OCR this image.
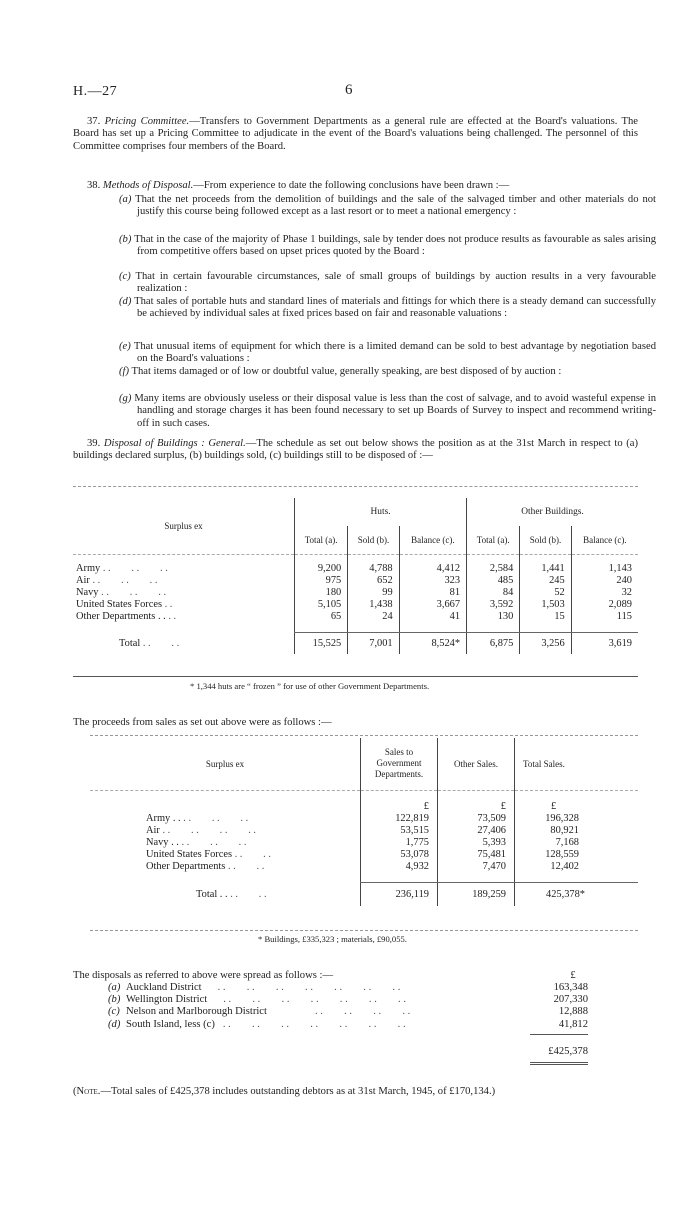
H.—27	6
37. Pricing Committee.—Transfers to Government Departments as a general rule are effected at the Board's valuations. The Board has set up a Pricing Committee to adjudicate in the event of the Board's valuations being challenged. The personnel of this Committee comprises four members of the Board.
38. Methods of Disposal.—From experience to date the following conclusions have been drawn :—
(a) That the net proceeds from the demolition of buildings and the sale of the salvaged timber and other materials do not justify this course being followed except as a last resort or to meet a national emergency :
(b) That in the case of the majority of Phase 1 buildings, sale by tender does not produce results as favourable as sales arising from competitive offers based on upset prices quoted by the Board :
(c) That in certain favourable circumstances, sale of small groups of buildings by auction results in a very favourable realization :
(d) That sales of portable huts and standard lines of materials and fittings for which there is a steady demand can successfully be achieved by individual sales at fixed prices based on fair and reasonable valuations :
(e) That unusual items of equipment for which there is a limited demand can be sold to best advantage by negotiation based on the Board's valuations :
(f) That items damaged or of low or doubtful value, generally speaking, are best disposed of by auction :
(g) Many items are obviously useless or their disposal value is less than the cost of salvage, and to avoid wasteful expense in handling and storage charges it has been found necessary to set up Boards of Survey to inspect and recommend writing-off in such cases.
39. Disposal of Buildings : General.—The schedule as set out below shows the position as at the 31st March in respect to (a) buildings declared surplus, (b) buildings sold, (c) buildings still to be disposed of :—
Surplus ex	Huts.			Other Buildings.		
	Total (a).	Sold (b).	Balance (c).	Total (a).	Sold (b).	Balance (c).

Army . .        . .        . .	9,200	4,788	4,412	2,584	1,441	1,143
Air . .        . .        . .	975	652	323	485	245	240
Navy . .        . .        . .	180	99	81	84	52	32
United States Forces . .	5,105	1,438	3,667	3,592	1,503	2,089
Other Departments . . . .	65	24	41	130	15	115

Total . .        . .	15,525	7,001	8,524*	6,875	3,256	3,619
* 1,344 huts are “ frozen ” for use of other Government Departments.
The proceeds from sales as set out above were as follows :—
Surplus ex	Sales to Government Departments.	Other Sales.	Total Sales.
	£	£	£
Army . . . .        . .        . .	122,819	73,509	196,328
Air . .        . .        . .        . .	53,515	27,406	80,921
Navy . . . .        . .        . .	1,775	5,393	7,168
United States Forces . .        . .	53,078	75,481	128,559
Other Departments . .        . .	4,932	7,470	12,402

Total . . . .        . .	236,119	189,259	425,378*
* Buildings, £335,323 ; materials, £90,055.
The disposals as referred to above were spread as follows :—	£
(a) Auckland District	. .        . .        . .        . .        . .        . .        . .	163,348
(b) Wellington District	. .        . .        . .        . .        . .        . .        . .	207,330
(c) Nelson and Marlborough District	. .        . .        . .        . .	12,888
(d) South Island, less (c) . .        . .        . .        . .        . .        . .        . .	41,812
£425,378
(Note.—Total sales of £425,378 includes outstanding debtors as at 31st March, 1945, of £170,134.)
